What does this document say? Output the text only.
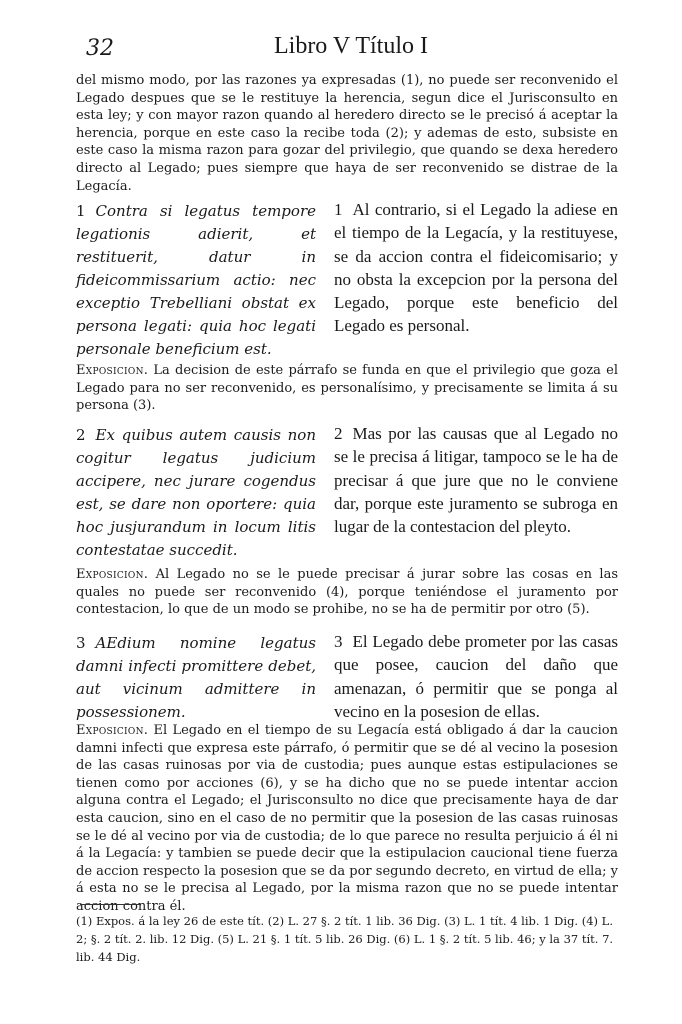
32	Libro V Título I
del mismo modo, por las razones ya expresadas (1), no puede ser reconvenido el Legado despues que se le restituye la herencia, segun dice el Jurisconsulto en esta ley; y con mayor razon quando al heredero directo se le precisó á aceptar la herencia, porque en este caso la recibe toda (2); y ademas de esto, subsiste en este caso la misma razon para gozar del privilegio, que quando se dexa heredero directo al Legado; pues siempre que haya de ser reconvenido se distrae de la Legacía.
1 Contra si legatus tempore legationis adierit, et restituerit, datur in fideicommissarium actio: nec exceptio Trebelliani obstat ex persona legati: quia hoc legati personale beneficium est.
1 Al contrario, si el Legado la adiese en el tiempo de la Legacía, y la restituyese, se da accion contra el fideicomisario; y no obsta la excepcion por la persona del Legado, porque este beneficio del Legado es personal.
Exposicion. La decision de este párrafo se funda en que el privilegio que goza el Legado para no ser reconvenido, es personalísimo, y precisamente se limita á su persona (3).
2 Ex quibus autem causis non cogitur legatus judicium accipere, nec jurare cogendus est, se dare non oportere: quia hoc jusjurandum in locum litis contestatae succedit.
2 Mas por las causas que al Legado no se le precisa á litigar, tampoco se le ha de precisar á que jure que no le conviene dar, porque este juramento se subroga en lugar de la contestacion del pleyto.
Exposicion. Al Legado no se le puede precisar á jurar sobre las cosas en las quales no puede ser reconvenido (4), porque teniéndose el juramento por contestacion, lo que de un modo se prohibe, no se ha de permitir por otro (5).
3 AEdium nomine legatus damni infecti promittere debet, aut vicinum admittere in possessionem.
3 El Legado debe prometer por las casas que posee, caucion del daño que amenazan, ó permitir que se ponga al vecino en la posesion de ellas.
Exposicion. El Legado en el tiempo de su Legacía está obligado á dar la caucion damni infecti que expresa este párrafo, ó permitir que se dé al vecino la posesion de las casas ruinosas por via de custodia; pues aunque estas estipulaciones se tienen como por acciones (6), y se ha dicho que no se puede intentar accion alguna contra el Legado; el Jurisconsulto no dice que precisamente haya de dar esta caucion, sino en el caso de no permitir que la posesion de las casas ruinosas se le dé al vecino por via de custodia; de lo que parece no resulta perjuicio á él ni á la Legacía: y tambien se puede decir que la estipulacion caucional tiene fuerza de accion respecto la posesion que se da por segundo decreto, en virtud de ella; y á esta no se le precisa al Legado, por la misma razon que no se puede intentar accion contra él.
(1) Expos. á la ley 26 de este tít. (2) L. 27 §. 2 tít. 1 lib. 36 Dig. (3) L. 1 tít. 4 lib. 1 Dig. (4) L. 2; §. 2 tít. 2. lib. 12 Dig. (5) L. 21 §. 1 tít. 5 lib. 26 Dig. (6) L. 1 §. 2 tít. 5 lib. 46; y la 37 tít. 7. lib. 44 Dig.
